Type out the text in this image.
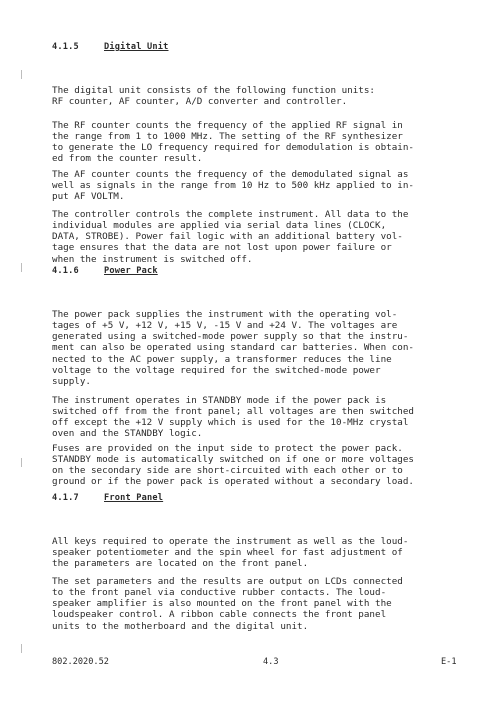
4.1.5	Digital Unit

The digital unit consists of the following function units:
RF counter, AF counter, A/D converter and controller.

The RF counter counts the frequency of the applied RF signal in
the range from 1 to 1000 MHz. The setting of the RF synthesizer
to generate the LO frequency required for demodulation is obtain-
ed from the counter result.

The AF counter counts the frequency of the demodulated signal as
well as signals in the range from 10 Hz to 500 kHz applied to in-
put AF VOLTM.

The controller controls the complete instrument. All data to the
individual modules are applied via serial data lines (CLOCK,
DATA, STROBE). Power fail logic with an additional battery vol-
tage ensures that the data are not lost upon power failure or
when the instrument is switched off.

4.1.6	Power Pack

The power pack supplies the instrument with the operating vol-
tages of +5 V, +12 V, +15 V, -15 V and +24 V. The voltages are
generated using a switched-mode power supply so that the instru-
ment can also be operated using standard car batteries. When con-
nected to the AC power supply, a transformer reduces the line
voltage to the voltage required for the switched-mode power
supply.

The instrument operates in STANDBY mode if the power pack is
switched off from the front panel; all voltages are then switched
off except the +12 V supply which is used for the 10-MHz crystal
oven and the STANDBY logic.

Fuses are provided on the input side to protect the power pack.
STANDBY mode is automatically switched on if one or more voltages
on the secondary side are short-circuited with each other or to
ground or if the power pack is operated without a secondary load.

4.1.7	Front Panel

All keys required to operate the instrument as well as the loud-
speaker potentiometer and the spin wheel for fast adjustment of
the parameters are located on the front panel.

The set parameters and the results are output on LCDs connected
to the front panel via conductive rubber contacts. The loud-
speaker amplifier is also mounted on the front panel with the
loudspeaker control. A ribbon cable connects the front panel
units to the motherboard and the digital unit.

802.2020.52	4.3	E-1
